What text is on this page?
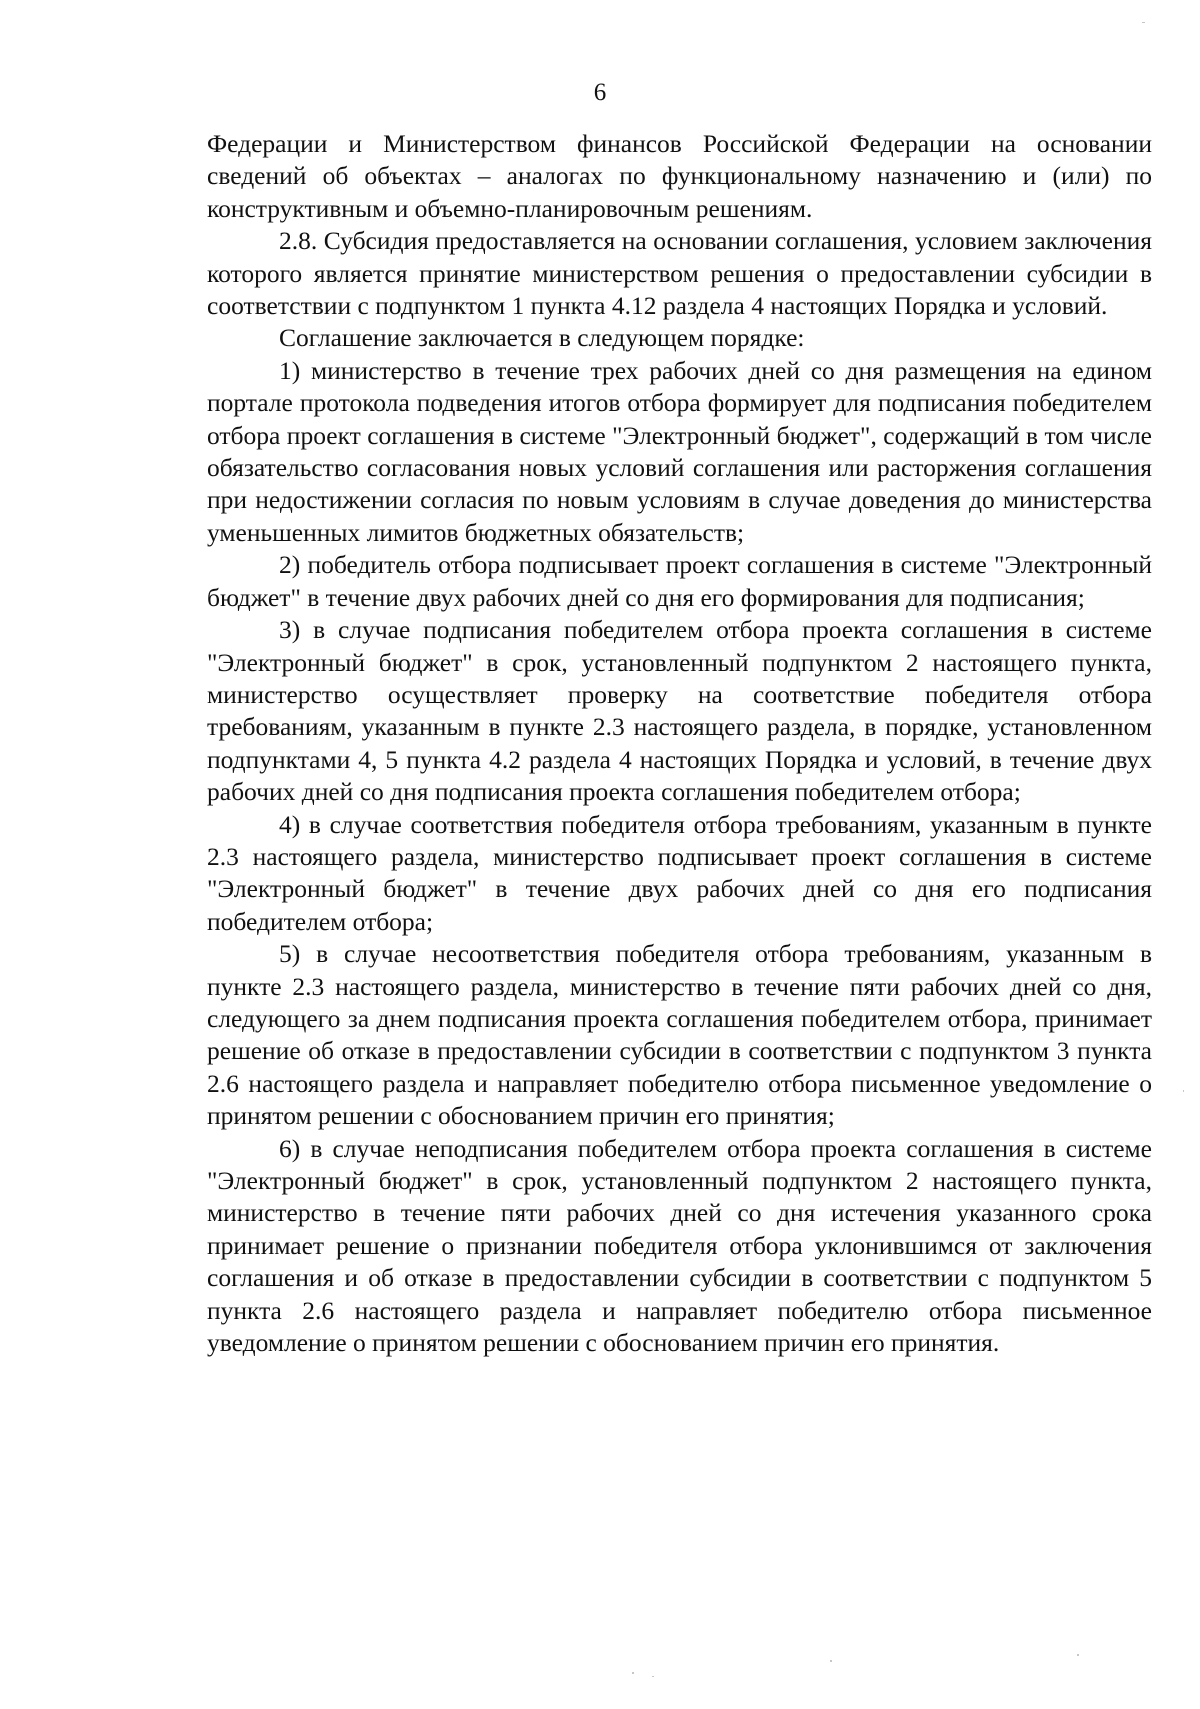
6

Федерации и Министерством финансов Российской Федерации на основании сведений об объектах – аналогах по функциональному назначению и (или) по конструктивным и объемно-планировочным решениям.

2.8. Субсидия предоставляется на основании соглашения, условием заключения которого является принятие министерством решения о предоставлении субсидии в соответствии с подпунктом 1 пункта 4.12 раздела 4 настоящих Порядка и условий.

Соглашение заключается в следующем порядке:

1) министерство в течение трех рабочих дней со дня размещения на едином портале протокола подведения итогов отбора формирует для подписания победителем отбора проект соглашения в системе "Электронный бюджет", содержащий в том числе обязательство согласования новых условий соглашения или расторжения соглашения при недостижении согласия по новым условиям в случае доведения до министерства уменьшенных лимитов бюджетных обязательств;

2) победитель отбора подписывает проект соглашения в системе "Электронный бюджет" в течение двух рабочих дней со дня его формирования для подписания;

3) в случае подписания победителем отбора проекта соглашения в системе "Электронный бюджет" в срок, установленный подпунктом 2 настоящего пункта, министерство осуществляет проверку на соответствие победителя отбора требованиям, указанным в пункте 2.3 настоящего раздела, в порядке, установленном подпунктами 4, 5 пункта 4.2 раздела 4 настоящих Порядка и условий, в течение двух рабочих дней со дня подписания проекта соглашения победителем отбора;

4) в случае соответствия победителя отбора требованиям, указанным в пункте 2.3 настоящего раздела, министерство подписывает проект соглашения в системе "Электронный бюджет" в течение двух рабочих дней со дня его подписания победителем отбора;

5) в случае несоответствия победителя отбора требованиям, указанным в пункте 2.3 настоящего раздела, министерство в течение пяти рабочих дней со дня, следующего за днем подписания проекта соглашения победителем отбора, принимает решение об отказе в предоставлении субсидии в соответствии с подпунктом 3 пункта 2.6 настоящего раздела и направляет победителю отбора письменное уведомление о принятом решении с обоснованием причин его принятия;

6) в случае неподписания победителем отбора проекта соглашения в системе "Электронный бюджет" в срок, установленный подпунктом 2 настоящего пункта, министерство в течение пяти рабочих дней со дня истечения указанного срока принимает решение о признании победителя отбора уклонившимся от заключения соглашения и об отказе в предоставлении субсидии в соответствии с подпунктом 5 пункта 2.6 настоящего раздела и направляет победителю отбора письменное уведомление о принятом решении с обоснованием причин его принятия.
